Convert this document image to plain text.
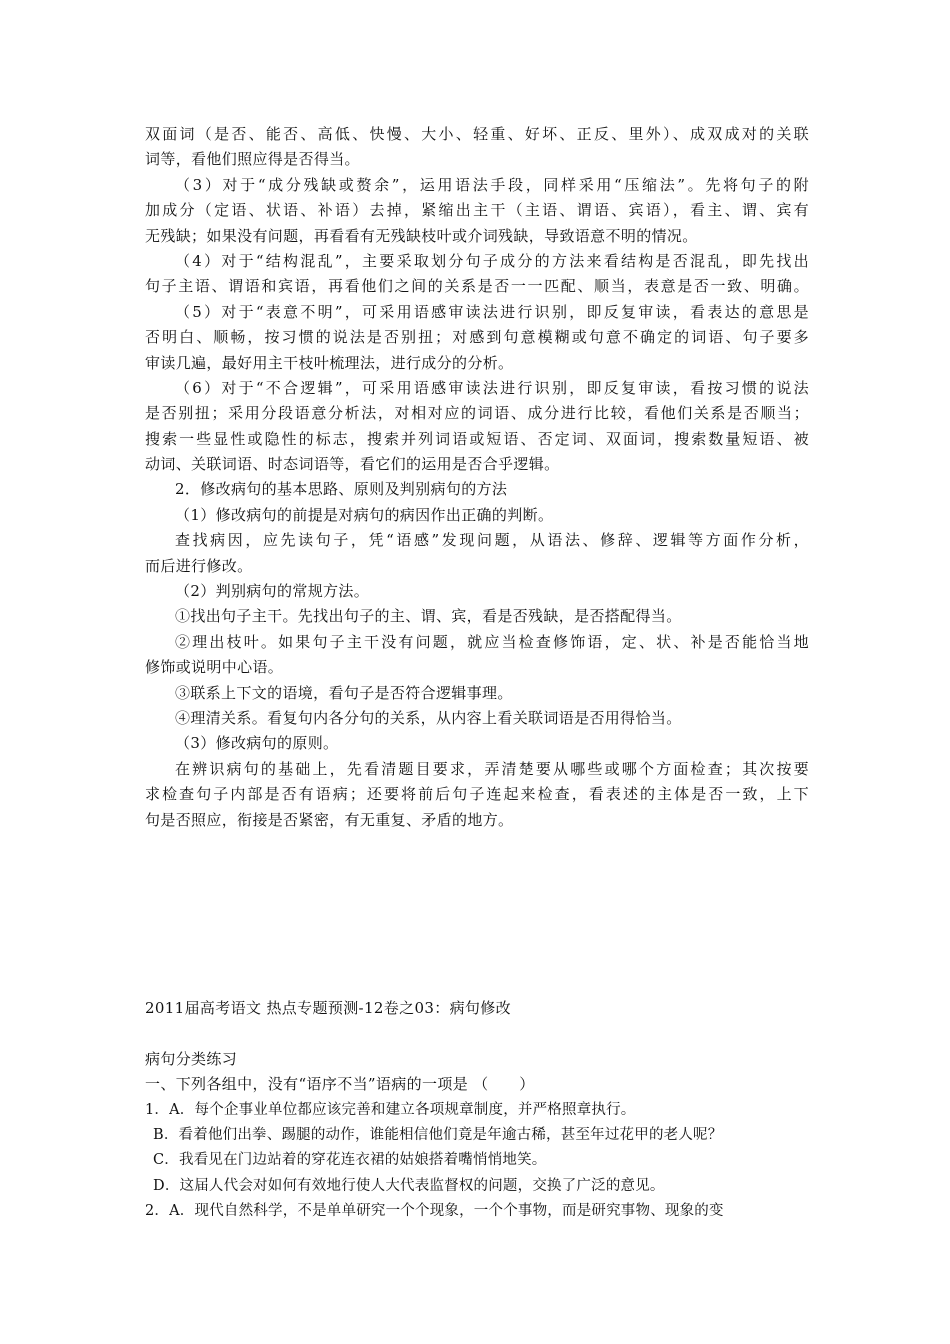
双面词（是否、能否、高低、快慢、大小、轻重、好坏、正反、里外）、成双成对的关联
词等，看他们照应得是否得当。
（3）对于“成分残缺或赘余”，运用语法手段，同样采用“压缩法”。先将句子的附
加成分（定语、状语、补语）去掉，紧缩出主干（主语、谓语、宾语），看主、谓、宾有
无残缺；如果没有问题，再看看有无残缺枝叶或介词残缺，导致语意不明的情况。
（4）对于“结构混乱”，主要采取划分句子成分的方法来看结构是否混乱，即先找出
句子主语、谓语和宾语，再看他们之间的关系是否一一匹配、顺当，表意是否一致、明确。
（5）对于“表意不明”，可采用语感审读法进行识别，即反复审读，看表达的意思是
否明白、顺畅，按习惯的说法是否别扭；对感到句意模糊或句意不确定的词语、句子要多
审读几遍，最好用主干枝叶梳理法，进行成分的分析。
（6）对于“不合逻辑”，可采用语感审读法进行识别，即反复审读，看按习惯的说法
是否别扭；采用分段语意分析法，对相对应的词语、成分进行比较，看他们关系是否顺当；
搜索一些显性或隐性的标志，搜索并列词语或短语、否定词、双面词，搜索数量短语、被
动词、关联词语、时态词语等，看它们的运用是否合乎逻辑。
2．修改病句的基本思路、原则及判别病句的方法
（1）修改病句的前提是对病句的病因作出正确的判断。
查找病因，应先读句子，凭“语感”发现问题，从语法、修辞、逻辑等方面作分析，
而后进行修改。
（2）判别病句的常规方法。
①找出句子主干。先找出句子的主、谓、宾，看是否残缺，是否搭配得当。
②理出枝叶。如果句子主干没有问题，就应当检查修饰语，定、状、补是否能恰当地
修饰或说明中心语。
③联系上下文的语境，看句子是否符合逻辑事理。
④理清关系。看复句内各分句的关系，从内容上看关联词语是否用得恰当。
（3）修改病句的原则。
在辨识病句的基础上，先看清题目要求，弄清楚要从哪些或哪个方面检查；其次按要
求检查句子内部是否有语病；还要将前后句子连起来检查，看表述的主体是否一致，上下
句是否照应，衔接是否紧密，有无重复、矛盾的地方。
2011届高考语文 热点专题预测-12卷之03：病句修改
病句分类练习
一、下列各组中，没有“语序不当”语病的一项是 （　　）
1．A．每个企事业单位都应该完善和建立各项规章制度，并严格照章执行。
B．看着他们出拳、踢腿的动作，谁能相信他们竟是年逾古稀，甚至年过花甲的老人呢？
C．我看见在门边站着的穿花连衣裙的姑娘搭着嘴悄悄地笑。
D．这届人代会对如何有效地行使人大代表监督权的问题，交换了广泛的意见。
2．A．现代自然科学，不是单单研究一个个现象，一个个事物，而是研究事物、现象的变
